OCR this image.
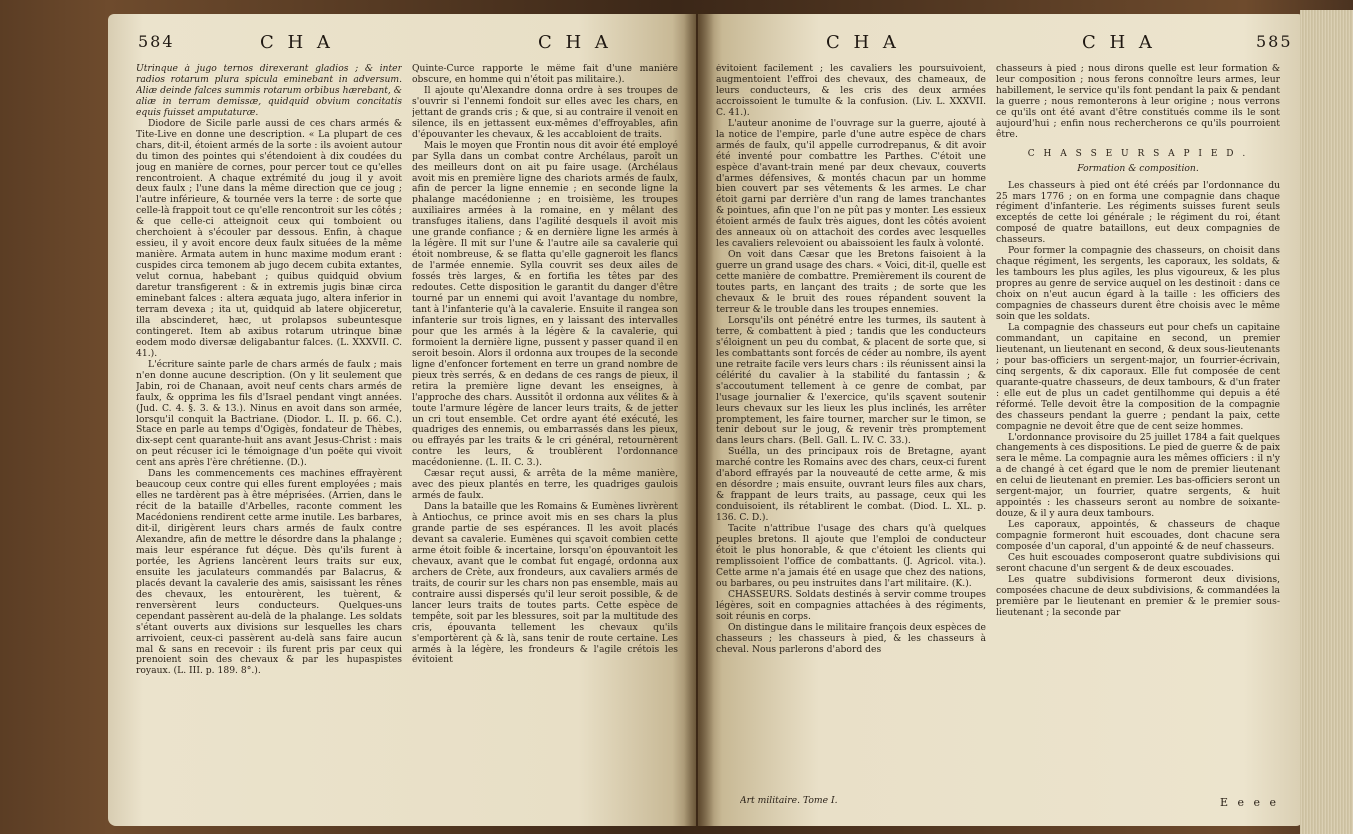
584	C H A	C H A	C H A	C H A	585

Utrinque à jugo ternos direxerant gladios ; & inter radios rotarum plura spicula eminebant in adversum. Aliæ deinde falces summis rotarum orbibus hærebant, & aliæ in terram demissæ, quidquid obvium concitatis equis fuisset amputaturæ.

Diodore de Sicile parle aussi de ces chars armés & Tite-Live en donne une description. « La plupart de ces chars, dit-il, étoient armés de la sorte : ils avoient autour du timon des pointes qui s'étendoient à dix coudées du joug en manière de cornes, pour percer tout ce qu'elles rencontroient. A chaque extrémité du joug il y avoit deux faulx ; l'une dans la même direction que ce joug ; l'autre inférieure, & tournée vers la terre : de sorte que celle-là frappoit tout ce qu'elle rencontroit sur les côtés ; & que celle-ci atteignoit ceux qui tomboient ou cherchoient à s'écouler par dessous. Enfin, à chaque essieu, il y avoit encore deux faulx situées de la même manière. Armata autem in hunc maxime modum erant : cuspides circa temonem ab jugo decem cubita extantes, velut cornua, habebant ; quibus quidquid obvium daretur transfigerent : & in extremis jugis binæ circa eminebant falces : altera æquata jugo, altera inferior in terram devexa ; ita ut, quidquid ab latere objiceretur, illa abscinderet, hæc, ut prolapsos subeuntesque contingeret. Item ab axibus rotarum utrinque binæ eodem modo diversæ deligabantur falces. (L. XXXVII. C. 41.).

L'écriture sainte parle de chars armés de faulx ; mais n'en donne aucune description. (On y lit seulement que Jabin, roi de Chanaan, avoit neuf cents chars armés de faulx, & opprima les fils d'Israel pendant vingt années. (Jud. C. 4. §. 3. & 13.). Ninus en avoit dans son armée, lorsqu'il conquit la Bactriane. (Diodor. L. II. p. 66. C.). Stace en parle au temps d'Ogigès, fondateur de Thèbes, dix-sept cent quarante-huit ans avant Jesus-Christ : mais on peut récuser ici le témoignage d'un poëte qui vivoit cent ans après l'ère chrétienne. (D.).

Dans les commencements ces machines effrayèrent beaucoup ceux contre qui elles furent employées ; mais elles ne tardèrent pas à être méprisées. (Arrien, dans le récit de la bataille d'Arbelles, raconte comment les Macédoniens rendirent cette arme inutile. Les barbares, dit-il, dirigèrent leurs chars armés de faulx contre Alexandre, afin de mettre le désordre dans la phalange ; mais leur espérance fut déçue. Dès qu'ils furent à portée, les Agriens lancèrent leurs traits sur eux, ensuite les jaculateurs commandés par Balacrus, & placés devant la cavalerie des amis, saisissant les rênes des chevaux, les entourèrent, les tuèrent, & renversèrent leurs conducteurs. Quelques-uns cependant passèrent au-delà de la phalange. Les soldats s'étant ouverts aux divisions sur lesquelles les chars arrivoient, ceux-ci passèrent au-delà sans faire aucun mal & sans en recevoir : ils furent pris par ceux qui prenoient soin des chevaux & par les hupaspistes royaux. (L. III. p. 189. 8°.).

Quinte-Curce rapporte le même fait d'une manière obscure, en homme qui n'étoit pas militaire.).

Il ajoute qu'Alexandre donna ordre à ses troupes de s'ouvrir si l'ennemi fondoit sur elles avec les chars, en jettant de grands cris ; & que, si au contraire il venoit en silence, ils en jettassent eux-mêmes d'effroyables, afin d'épouvanter les chevaux, & les accabloient de traits.

Mais le moyen que Frontin nous dit avoir été employé par Sylla dans un combat contre Archélaus, paroît un des meilleurs dont on ait pu faire usage. (Archélaus avoit mis en première ligne des chariots armés de faulx, afin de percer la ligne ennemie ; en seconde ligne la phalange macédonienne ; en troisième, les troupes auxiliaires armées à la romaine, en y mêlant des transfuges italiens, dans l'agilité desquels il avoit mis une grande confiance ; & en dernière ligne les armés à la légère. Il mit sur l'une & l'autre aile sa cavalerie qui étoit nombreuse, & se flatta qu'elle gagneroit les flancs de l'armée ennemie. Sylla couvrit ses deux ailes de fossés très larges, & en fortifia les têtes par des redoutes. Cette disposition le garantit du danger d'être tourné par un ennemi qui avoit l'avantage du nombre, tant à l'infanterie qu'à la cavalerie. Ensuite il rangea son infanterie sur trois lignes, en y laissant des intervalles pour que les armés à la légère & la cavalerie, qui formoient la dernière ligne, pussent y passer quand il en seroit besoin. Alors il ordonna aux troupes de la seconde ligne d'enfoncer fortement en terre un grand nombre de pieux très serrés, & en dedans de ces rangs de pieux, il retira la première ligne devant les enseignes, à l'approche des chars. Aussitôt il ordonna aux vélites & à toute l'armure légère de lancer leurs traits, & de jetter un cri tout ensemble. Cet ordre ayant été exécuté, les quadriges des ennemis, ou embarrassés dans les pieux, ou effrayés par les traits & le cri général, retournèrent contre les leurs, & troublèrent l'ordonnance macédonienne. (L. II. C. 3.).

Cæsar reçut aussi, & arrêta de la même manière, avec des pieux plantés en terre, les quadriges gaulois armés de faulx.

Dans la bataille que les Romains & Eumènes livrèrent à Antiochus, ce prince avoit mis en ses chars la plus grande partie de ses espérances. Il les avoit placés devant sa cavalerie. Eumènes qui sçavoit combien cette arme étoit foible & incertaine, lorsqu'on épouvantoit les chevaux, avant que le combat fut engagé, ordonna aux archers de Crète, aux frondeurs, aux cavaliers armés de traits, de courir sur les chars non pas ensemble, mais au contraire aussi dispersés qu'il leur seroit possible, & de lancer leurs traits de toutes parts. Cette espèce de tempête, soit par les blessures, soit par la multitude des cris, épouvanta tellement les chevaux qu'ils s'emportèrent çà & là, sans tenir de route certaine. Les armés à la légère, les frondeurs & l'agile crétois les évitoient

évitoient facilement ; les cavaliers les poursuivoient, augmentoient l'effroi des chevaux, des chameaux, de leurs conducteurs, & les cris des deux armées accroissoient le tumulte & la confusion. (Liv. L. XXXVII. C. 41.).

L'auteur anonime de l'ouvrage sur la guerre, ajouté à la notice de l'empire, parle d'une autre espèce de chars armés de faulx, qu'il appelle currodrepanus, & dit avoir été inventé pour combattre les Parthes. C'étoit une espèce d'avant-train mené par deux chevaux, couverts d'armes défensives, & montés chacun par un homme bien couvert par ses vêtements & les armes. Le char étoit garni par derrière d'un rang de lames tranchantes & pointues, afin que l'on ne pût pas y monter. Les essieux étoient armés de faulx très aigues, dont les côtés avoient des anneaux où on attachoit des cordes avec lesquelles les cavaliers relevoient ou abaissoient les faulx à volonté.

On voit dans Cæsar que les Bretons faisoient à la guerre un grand usage des chars. « Voici, dit-il, quelle est cette manière de combattre. Premièrement ils courent de toutes parts, en lançant des traits ; de sorte que les chevaux & le bruit des roues répandent souvent la terreur & le trouble dans les troupes ennemies.

Lorsqu'ils ont pénétré entre les turmes, ils sautent à terre, & combattent à pied ; tandis que les conducteurs s'éloignent un peu du combat, & placent de sorte que, si les combattants sont forcés de céder au nombre, ils ayent une retraite facile vers leurs chars : ils réunissent ainsi la célérité du cavalier à la stabilité du fantassin ; & s'accoutument tellement à ce genre de combat, par l'usage journalier & l'exercice, qu'ils sçavent soutenir leurs chevaux sur les lieux les plus inclinés, les arrêter promptement, les faire tourner, marcher sur le timon, se tenir debout sur le joug, & revenir très promptement dans leurs chars. (Bell. Gall. L. IV. C. 33.).

Suélla, un des principaux rois de Bretagne, ayant marché contre les Romains avec des chars, ceux-ci furent d'abord effrayés par la nouveauté de cette arme, & mis en désordre ; mais ensuite, ouvrant leurs files aux chars, & frappant de leurs traits, au passage, ceux qui les conduisoient, ils rétablirent le combat. (Diod. L. XL. p. 136. C. D.).

Tacite n'attribue l'usage des chars qu'à quelques peuples bretons. Il ajoute que l'emploi de conducteur étoit le plus honorable, & que c'étoient les clients qui remplissoient l'office de combattants. (J. Agricol. vita.). Cette arme n'a jamais été en usage que chez des nations, ou barbares, ou peu instruites dans l'art militaire. (K.).

CHASSEURS. Soldats destinés à servir comme troupes légères, soit en compagnies attachées à des régiments, soit réunis en corps.

On distingue dans le militaire françois deux espèces de chasseurs ; les chasseurs à pied, & les chasseurs à cheval. Nous parlerons d'abord des

Art militaire. Tome I.

chasseurs à pied ; nous dirons quelle est leur formation & leur composition ; nous ferons connoître leurs armes, leur habillement, le service qu'ils font pendant la paix & pendant la guerre ; nous remonterons à leur origine ; nous verrons ce qu'ils ont été avant d'être constitués comme ils le sont aujourd'hui ; enfin nous rechercherons ce qu'ils pourroient être.

C H A S S E U R S A P I E D .
Formation & composition.

Les chasseurs à pied ont été créés par l'ordonnance du 25 mars 1776 ; on en forma une compagnie dans chaque régiment d'infanterie. Les régiments suisses furent seuls exceptés de cette loi générale ; le régiment du roi, étant composé de quatre bataillons, eut deux compagnies de chasseurs.

Pour former la compagnie des chasseurs, on choisit dans chaque régiment, les sergents, les caporaux, les soldats, & les tambours les plus agiles, les plus vigoureux, & les plus propres au genre de service auquel on les destinoit : dans ce choix on n'eut aucun égard à la taille : les officiers des compagnies de chasseurs durent être choisis avec le même soin que les soldats.

La compagnie des chasseurs eut pour chefs un capitaine commandant, un capitaine en second, un premier lieutenant, un lieutenant en second, & deux sous-lieutenants ; pour bas-officiers un sergent-major, un fourrier-écrivain, cinq sergents, & dix caporaux. Elle fut composée de cent quarante-quatre chasseurs, de deux tambours, & d'un frater : elle eut de plus un cadet gentilhomme qui depuis a été réformé. Telle devoit être la composition de la compagnie des chasseurs pendant la guerre ; pendant la paix, cette compagnie ne devoit être que de cent seize hommes.

L'ordonnance provisoire du 25 juillet 1784 a fait quelques changements à ces dispositions. Le pied de guerre & de paix sera le même. La compagnie aura les mêmes officiers : il n'y a de changé à cet égard que le nom de premier lieutenant en celui de lieutenant en premier. Les bas-officiers seront un sergent-major, un fourrier, quatre sergents, & huit appointés : les chasseurs seront au nombre de soixante-douze, & il y aura deux tambours.

Les caporaux, appointés, & chasseurs de chaque compagnie formeront huit escouades, dont chacune sera composée d'un caporal, d'un appointé & de neuf chasseurs.

Ces huit escouades composeront quatre subdivisions qui seront chacune d'un sergent & de deux escouades.

Les quatre subdivisions formeront deux divisions, composées chacune de deux subdivisions, & commandées la première par le lieutenant en premier & le premier sous-lieutenant ; la seconde par

E e e e
